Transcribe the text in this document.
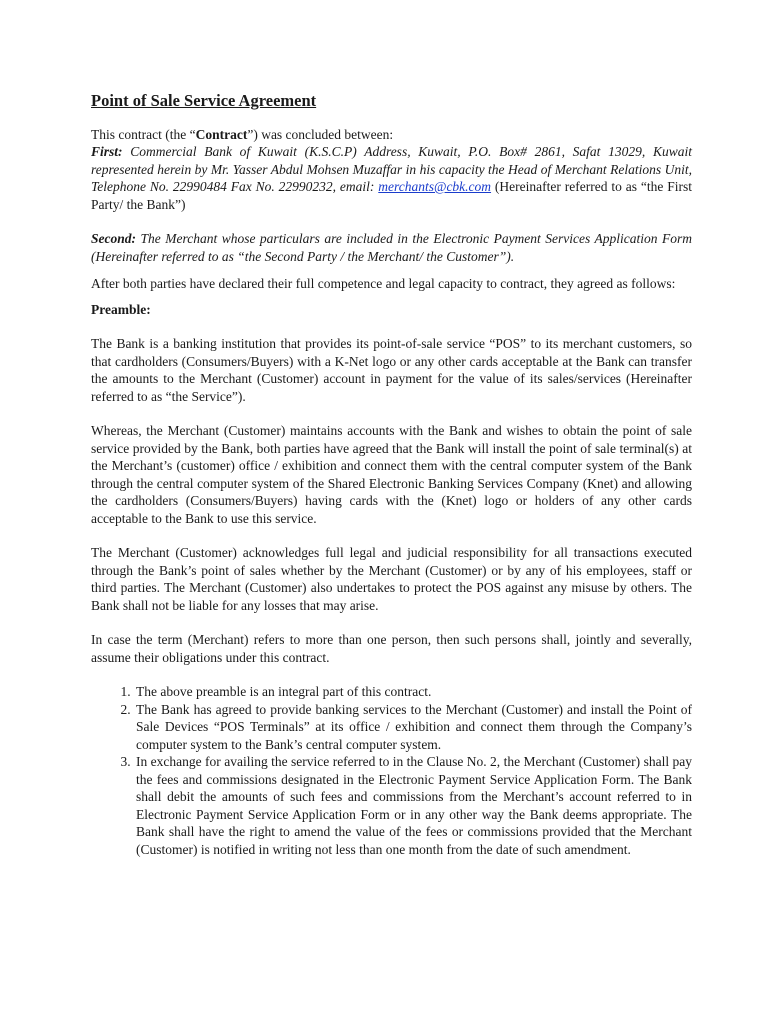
Point of Sale Service Agreement

This contract (the “Contract”) was concluded between:

First: Commercial Bank of Kuwait (K.S.C.P) Address, Kuwait, P.O. Box# 2861, Safat 13029, Kuwait represented herein by Mr. Yasser Abdul Mohsen Muzaffar in his capacity the Head of Merchant Relations Unit, Telephone No. 22990484 Fax No. 22990232, email: merchants@cbk.com (Hereinafter referred to as “the First Party/ the Bank”)

Second: The Merchant whose particulars are included in the Electronic Payment Services Application Form (Hereinafter referred to as “the Second Party / the Merchant/ the Customer”).

After both parties have declared their full competence and legal capacity to contract, they agreed as follows:

Preamble:

The Bank is a banking institution that provides its point-of-sale service “POS” to its merchant customers, so that cardholders (Consumers/Buyers) with a K-Net logo or any other cards acceptable at the Bank can transfer the amounts to the Merchant (Customer) account in payment for the value of its sales/services (Hereinafter referred to as “the Service”).

Whereas, the Merchant (Customer) maintains accounts with the Bank and wishes to obtain the point of sale service provided by the Bank, both parties have agreed that the Bank will install the point of sale terminal(s) at the Merchant’s (customer) office / exhibition and connect them with the central computer system of the Bank through the central computer system of the Shared Electronic Banking Services Company (Knet) and allowing the cardholders (Consumers/Buyers) having cards with the (Knet) logo or holders of any other cards acceptable to the Bank to use this service.

The Merchant (Customer) acknowledges full legal and judicial responsibility for all transactions executed through the Bank’s point of sales whether by the Merchant (Customer) or by any of his employees, staff or third parties. The Merchant (Customer) also undertakes to protect the POS against any misuse by others. The Bank shall not be liable for any losses that may arise.

In case the term (Merchant) refers to more than one person, then such persons shall, jointly and severally, assume their obligations under this contract.

1. The above preamble is an integral part of this contract.
2. The Bank has agreed to provide banking services to the Merchant (Customer) and install the Point of Sale Devices “POS Terminals” at its office / exhibition and connect them through the Company’s computer system to the Bank’s central computer system.
3. In exchange for availing the service referred to in the Clause No. 2, the Merchant (Customer) shall pay the fees and commissions designated in the Electronic Payment Service Application Form. The Bank shall debit the amounts of such fees and commissions from the Merchant’s account referred to in Electronic Payment Service Application Form or in any other way the Bank deems appropriate. The Bank shall have the right to amend the value of the fees or commissions provided that the Merchant (Customer) is notified in writing not less than one month from the date of such amendment.
